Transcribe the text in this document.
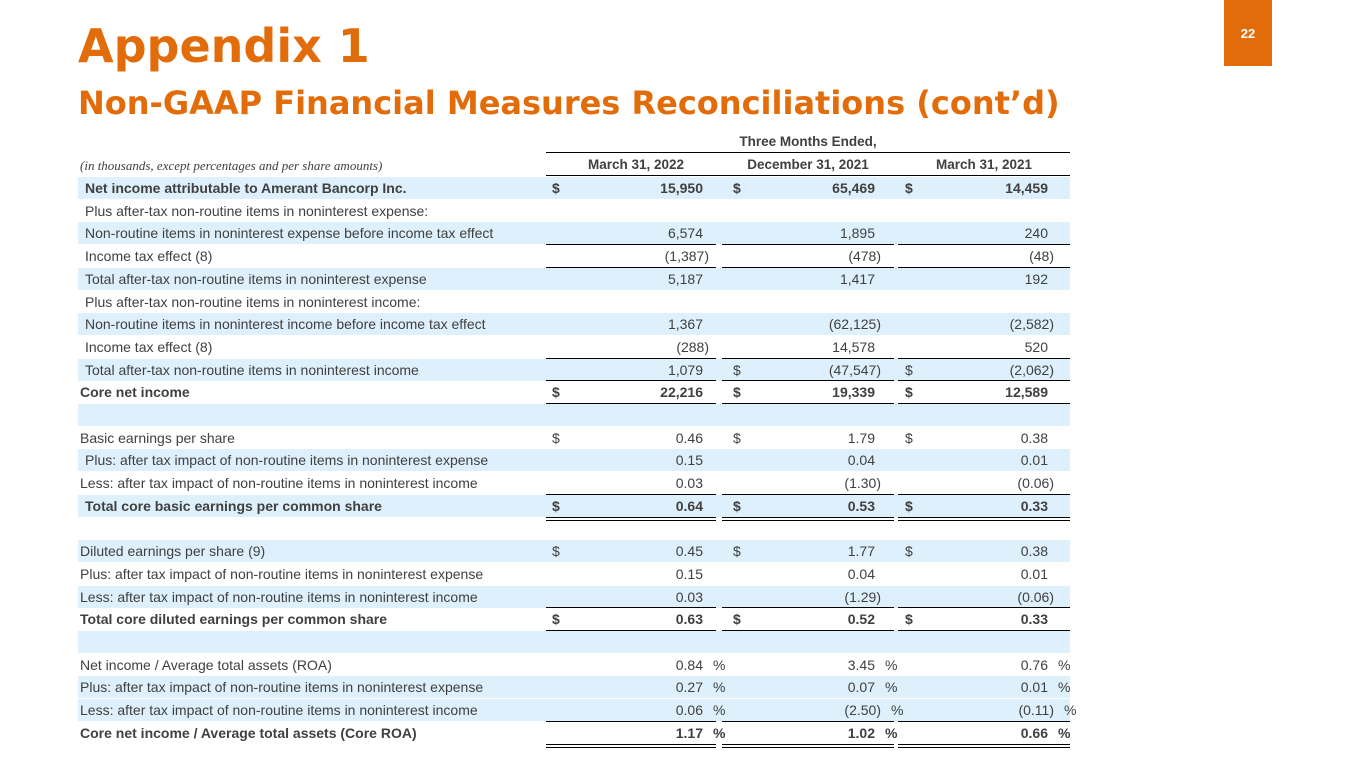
Appendix 1
Non-GAAP Financial Measures Reconciliations (cont’d)
22
Three Months Ended,
(in thousands, except percentages and per share amounts)	March 31, 2022	December 31, 2021	March 31, 2021
Net income attributable to Amerant Bancorp Inc.	$	15,950 $	65,469 $	14,459
Plus after-tax non-routine items in noninterest expense:
Non-routine items in noninterest expense before income tax effect	6,574	1,895	240
Income tax effect (8)	(1,387)	(478)	(48)
Total after-tax non-routine items in noninterest expense	5,187	1,417	192
Plus after-tax non-routine items in noninterest income:
Non-routine items in noninterest income before income tax effect	1,367	(62,125)	(2,582)
Income tax effect (8)	(288)	14,578	520
Total after-tax non-routine items in noninterest income	1,079 $	(47,547) $	(2,062)
Core net income	$	22,216 $	19,339 $	12,589
Basic earnings per share	$	0.46 $	1.79 $	0.38
Plus: after tax impact of non-routine items in noninterest expense	0.15	0.04	0.01
Less: after tax impact of non-routine items in noninterest income	0.03	(1.30)	(0.06)
Total core basic earnings per common share	$	0.64 $	0.53 $	0.33
Diluted earnings per share (9)	$	0.45 $	1.77 $	0.38
Plus: after tax impact of non-routine items in noninterest expense	0.15	0.04	0.01
Less: after tax impact of non-routine items in noninterest income	0.03	(1.29)	(0.06)
Total core diluted earnings per common share	$	0.63 $	0.52 $	0.33
Net income / Average total assets (ROA)	0.84 %	3.45 %	0.76 %
Plus: after tax impact of non-routine items in noninterest expense	0.27 %	0.07 %	0.01 %
Less: after tax impact of non-routine items in noninterest income	0.06 %	(2.50) %	(0.11) %
Core net income / Average total assets (Core ROA)	1.17 %	1.02 %	0.66 %
